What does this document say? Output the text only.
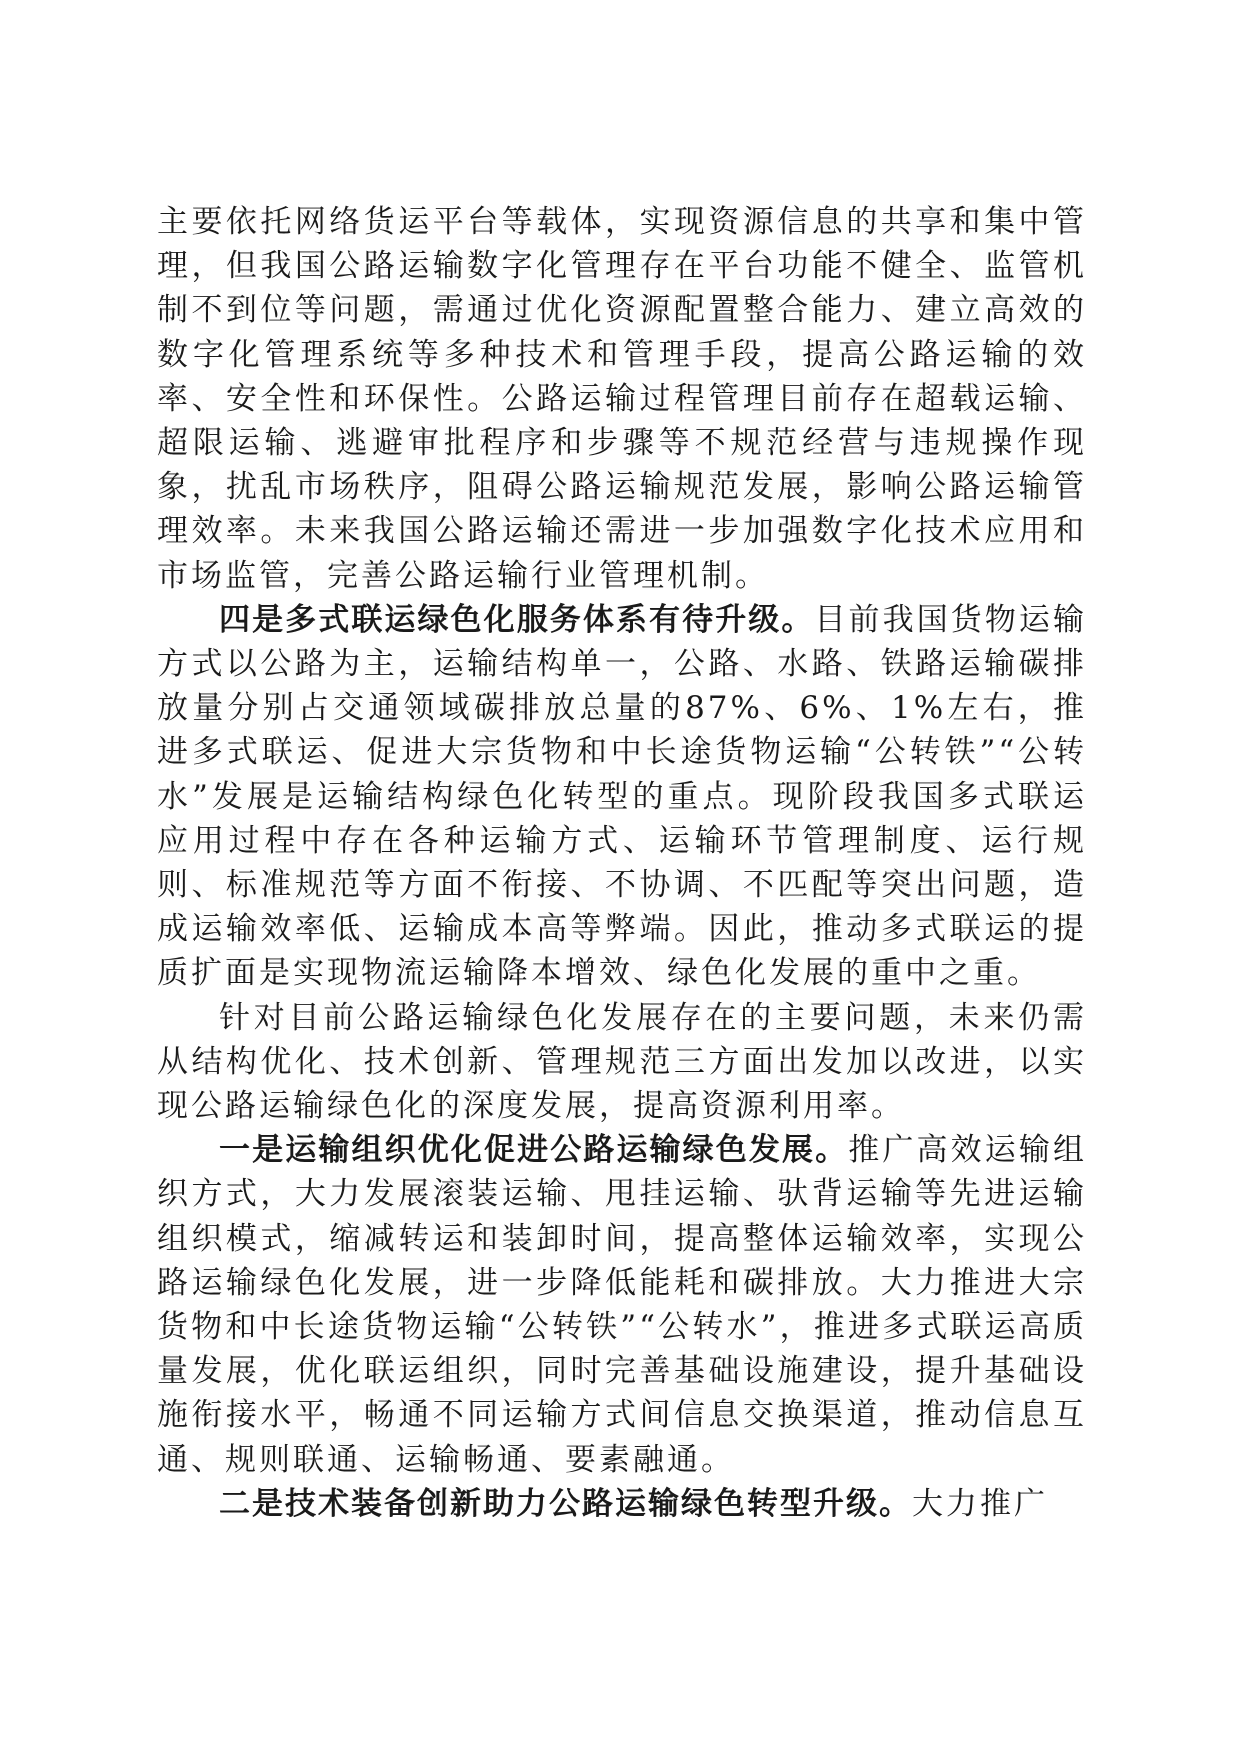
主要依托网络货运平台等载体，实现资源信息的共享和集中管理，但我国公路运输数字化管理存在平台功能不健全、监管机制不到位等问题，需通过优化资源配置整合能力、建立高效的数字化管理系统等多种技术和管理手段，提高公路运输的效率、安全性和环保性。公路运输过程管理目前存在超载运输、超限运输、逃避审批程序和步骤等不规范经营与违规操作现象，扰乱市场秩序，阻碍公路运输规范发展，影响公路运输管理效率。未来我国公路运输还需进一步加强数字化技术应用和市场监管，完善公路运输行业管理机制。

四是多式联运绿色化服务体系有待升级。目前我国货物运输方式以公路为主，运输结构单一，公路、水路、铁路运输碳排放量分别占交通领域碳排放总量的87%、6%、1%左右，推进多式联运、促进大宗货物和中长途货物运输“公转铁”“公转水”发展是运输结构绿色化转型的重点。现阶段我国多式联运应用过程中存在各种运输方式、运输环节管理制度、运行规则、标准规范等方面不衔接、不协调、不匹配等突出问题，造成运输效率低、运输成本高等弊端。因此，推动多式联运的提质扩面是实现物流运输降本增效、绿色化发展的重中之重。

针对目前公路运输绿色化发展存在的主要问题，未来仍需从结构优化、技术创新、管理规范三方面出发加以改进，以实现公路运输绿色化的深度发展，提高资源利用率。

一是运输组织优化促进公路运输绿色发展。推广高效运输组织方式，大力发展滚装运输、甩挂运输、驮背运输等先进运输组织模式，缩减转运和装卸时间，提高整体运输效率，实现公路运输绿色化发展，进一步降低能耗和碳排放。大力推进大宗货物和中长途货物运输“公转铁”“公转水”，推进多式联运高质量发展，优化联运组织，同时完善基础设施建设，提升基础设施衔接水平，畅通不同运输方式间信息交换渠道，推动信息互通、规则联通、运输畅通、要素融通。

二是技术装备创新助力公路运输绿色转型升级。大力推广
